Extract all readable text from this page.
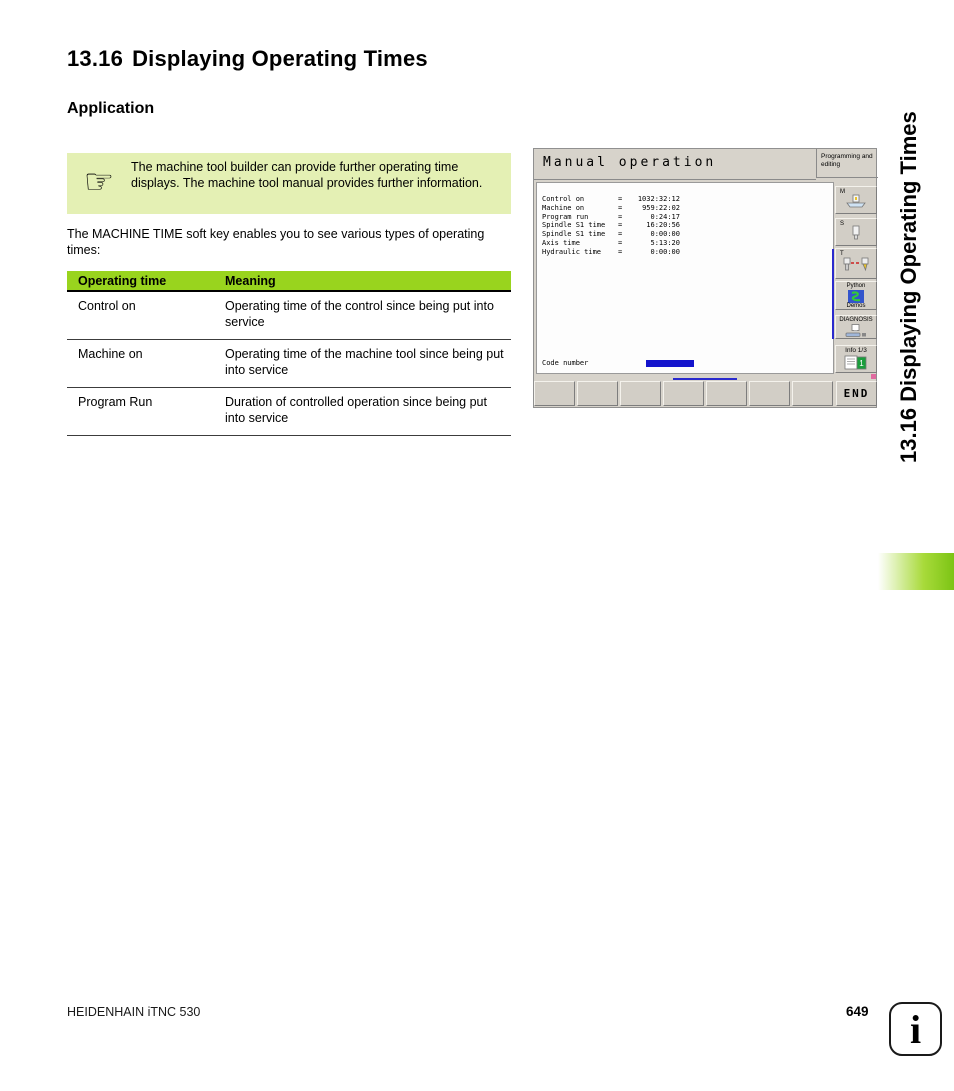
13.16 Displaying Operating Times
Application
☞	The machine tool builder can provide further operating time displays. The machine tool manual provides further information.

The MACHINE TIME soft key enables you to see various types of operating times:

Operating time	Meaning
Control on	Operating time of the control since being put into service
Machine on	Operating time of the machine tool since being put into service
Program Run	Duration of controlled operation since being put into service
Manual operation	Programming and editing
Control on	=	1032:32:12
Machine on	=	959:22:02
Program run	=	0:24:17
Spindle S1 time	=	16:20:56
Spindle S1 time	=	0:00:00
Axis time	=	5:13:20
Hydraulic time	=	0:00:00
Code number
M
S
T
Python
Demos
DIAGNOSIS
Info 1/3
1
END	13.16 Displaying Operating Times
HEIDENHAIN iTNC 530	649 i
